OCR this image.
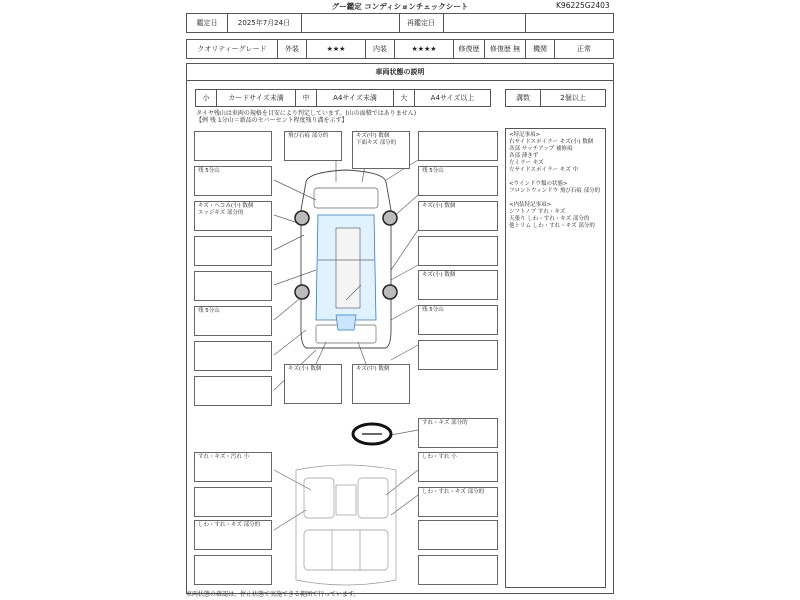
グー鑑定 コンディションチェックシート	K96225G2403
鑑定日	2025年7月24日	再鑑定日
クオリティーグレード	外装	★★★	内装	★★★★	修復歴	修復歴 無	機関	正常
車両状態の説明
小	カードサイズ未満	中	A4サイズ未満	大	A4サイズ以上	溝数	2個以上
タイヤ残山は車両の規格を目安により判定しています。(山の面積ではありません)
【例 残 1分山＝新品のセバーセント程度残り溝を示す】
<特記事項>
右サイドスポイラー キズ(小) 数個
各部 サッチアップ 補修痕
各部 薄きず
左ミラー キズ
左サイドスポイラー キズ 中

<ウインドウ類の状態>
フロントウィンドウ 飛び石痕 部分的

<内装特記事項>
シフトノブ すれ・キズ
天張り しわ・すれ・キズ 部分的
他トリム しわ・すれ・キズ 部分的
残 5分山
キズ・ヘコみ(小) 数個
エッジキズ 部分的
残 5分山
飛び石痕 部分的	キズ(中) 数個
下面キズ 部分的
残 5分山
キズ(小) 数個
キズ(小) 数個
残 5分山
キズ(小) 数個	キズ(中) 数個
すれ・キズ 部分的
すれ・キズ・汚れ 小
しわ・すれ・キズ 部分的
しわ・すれ 小
しわ・すれ・キズ 部分的
車両状態の確認は、停止状態で実施できる範囲で行っています。
